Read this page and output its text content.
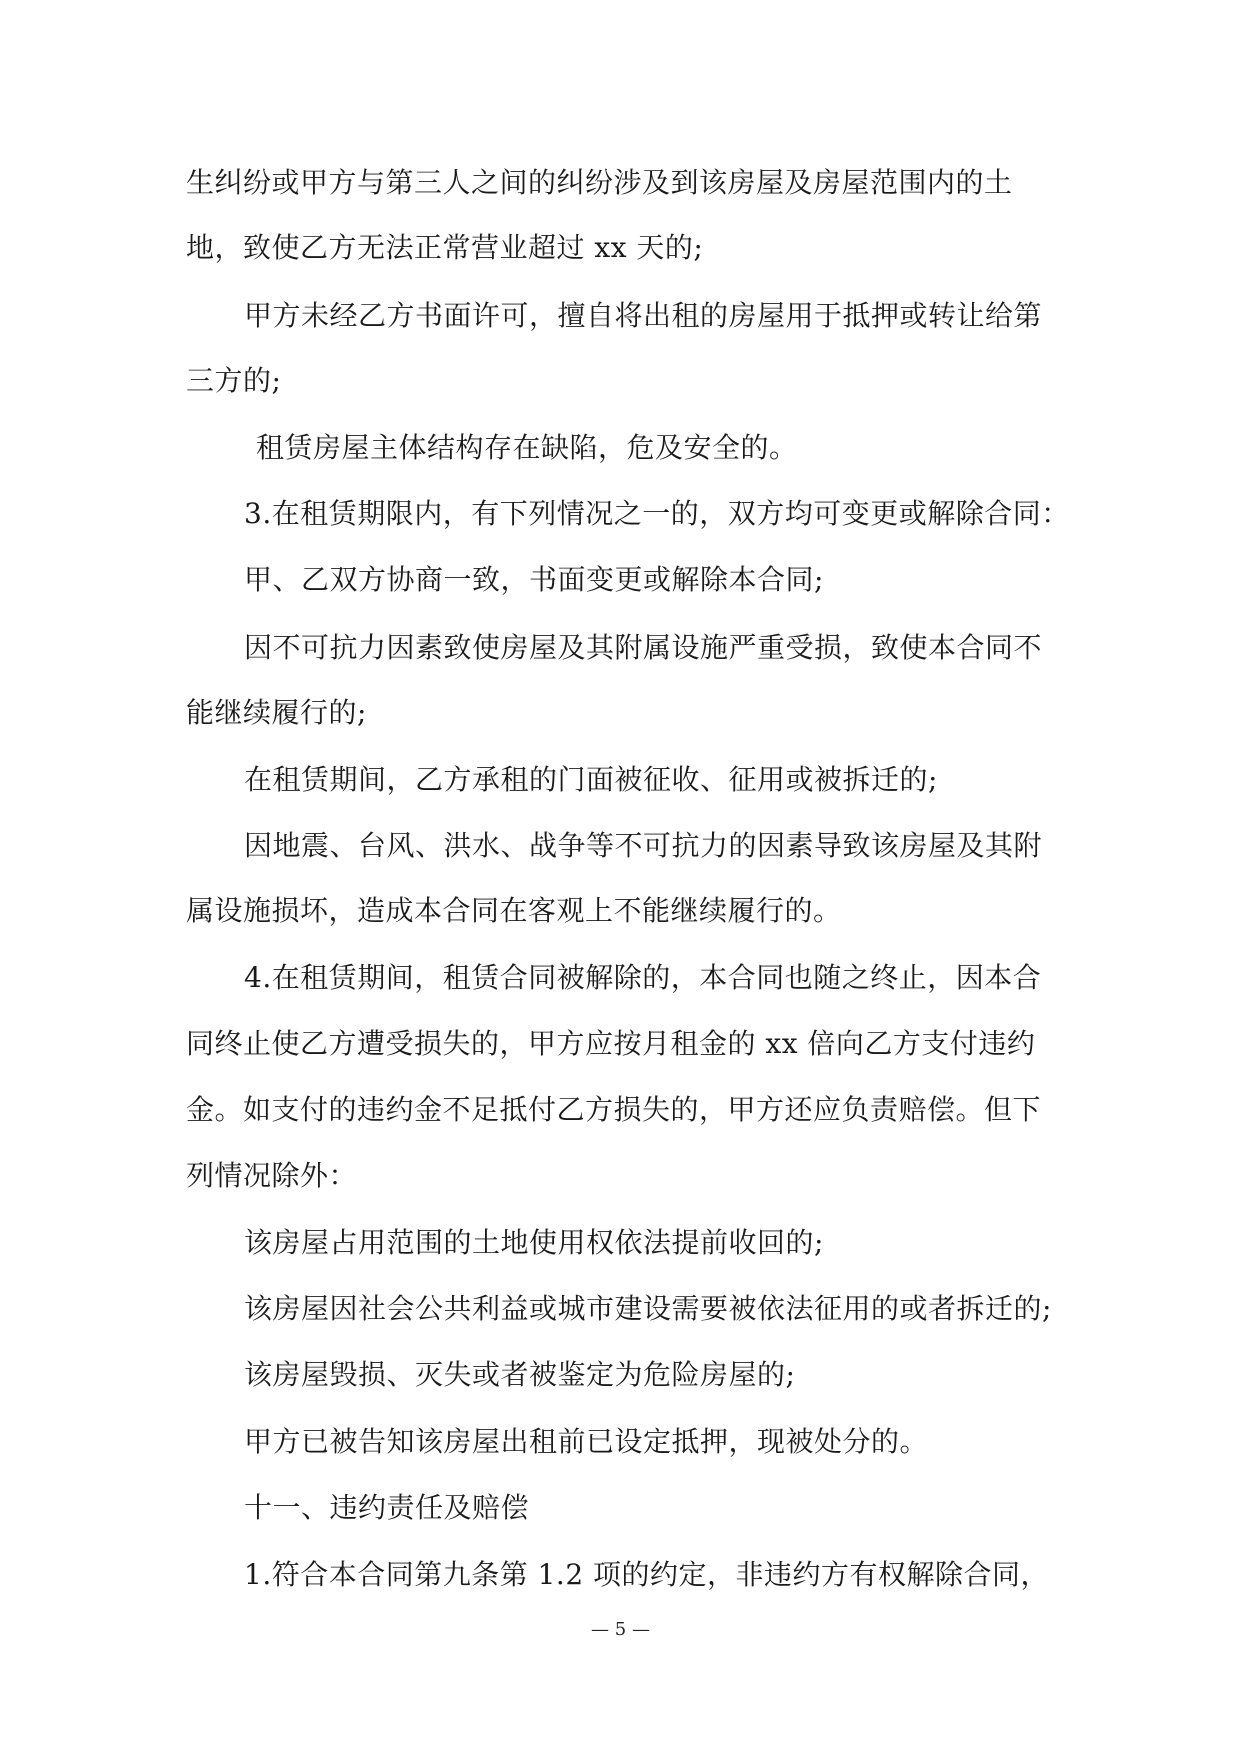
生纠纷或甲方与第三人之间的纠纷涉及到该房屋及房屋范围内的土
地，致使乙方无法正常营业超过 xx 天的;
甲方未经乙方书面许可，擅自将出租的房屋用于抵押或转让给第
三方的;
租赁房屋主体结构存在缺陷，危及安全的。
3.在租赁期限内，有下列情况之一的，双方均可变更或解除合同：
甲、乙双方协商一致，书面变更或解除本合同;
因不可抗力因素致使房屋及其附属设施严重受损，致使本合同不
能继续履行的;
在租赁期间，乙方承租的门面被征收、征用或被拆迁的;
因地震、台风、洪水、战争等不可抗力的因素导致该房屋及其附
属设施损坏，造成本合同在客观上不能继续履行的。
4.在租赁期间，租赁合同被解除的，本合同也随之终止，因本合
同终止使乙方遭受损失的，甲方应按月租金的 xx 倍向乙方支付违约
金。如支付的违约金不足抵付乙方损失的，甲方还应负责赔偿。但下
列情况除外：
该房屋占用范围的土地使用权依法提前收回的;
该房屋因社会公共利益或城市建设需要被依法征用的或者拆迁的;
该房屋毁损、灭失或者被鉴定为危险房屋的;
甲方已被告知该房屋出租前已设定抵押，现被处分的。
十一、违约责任及赔偿
1.符合本合同第九条第 1.2 项的约定，非违约方有权解除合同，
— 5 —
